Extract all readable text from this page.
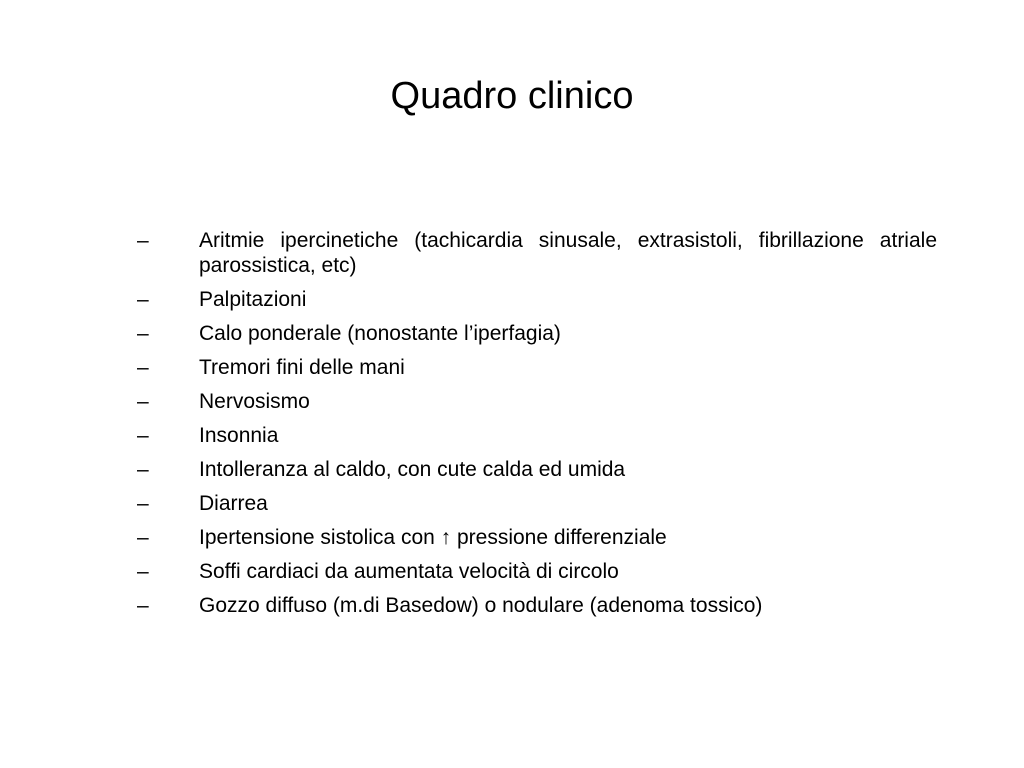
Quadro clinico
–	Aritmie ipercinetiche (tachicardia sinusale, extrasistoli, fibrillazione atriale parossistica, etc)
–	Palpitazioni
–	Calo ponderale (nonostante l’iperfagia)
–	Tremori fini delle mani
–	Nervosismo
–	Insonnia
–	Intolleranza al caldo, con cute calda ed umida
–	Diarrea
–	Ipertensione sistolica con ↑ pressione differenziale
–	Soffi cardiaci da aumentata velocità di circolo
–	Gozzo diffuso (m.di Basedow) o nodulare (adenoma tossico)
